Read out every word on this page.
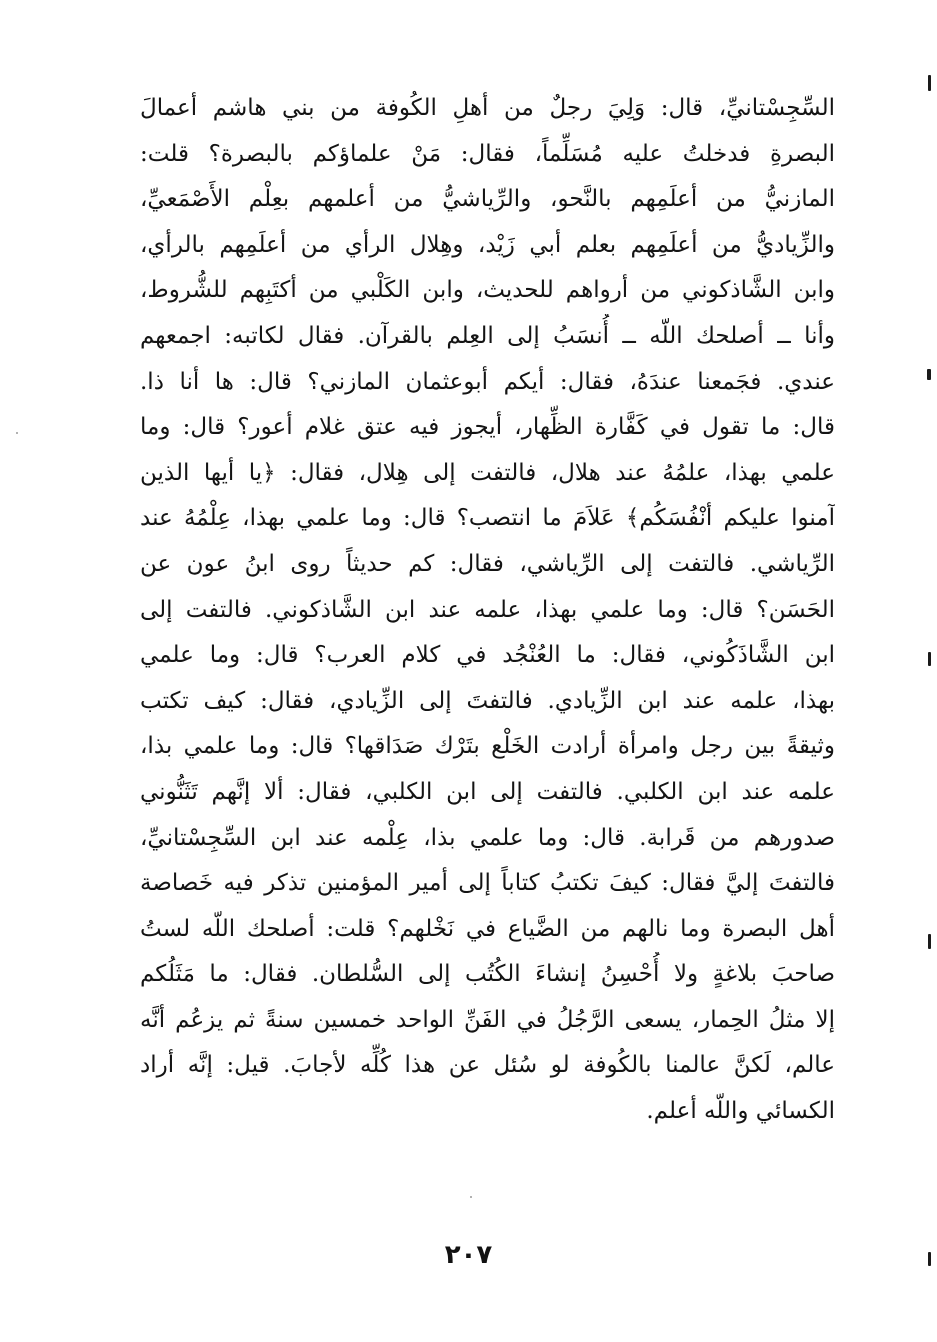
السِّجِسْتانيِّ، قال: وَلِيَ رجلٌ من أهلِ الكُوفة من بني هاشم أعمالَ
البصرةِ فدخلتُ عليه مُسَلِّماً، فقال: مَنْ علماؤكم بالبصرة؟ قلت:
المازنيُّ من أعلَمِهم بالنَّحو، والرِّياشيُّ من أعلمهم بعِلْم الأَصْمَعيِّ،
والزِّياديُّ من أعلَمِهم بعلم أبي زَيْد، وهِلال الرأي من أعلَمِهم بالرأي،
وابن الشَّاذكوني من أرواهم للحديث، وابن الكَلْبي من أكتَبِهم للشُّروط،
وأنا ــ أصلحك اللّه ــ أُنسَبُ إلى العِلم بالقرآن. فقال لكاتبه: اجمعهم
عندي. فجَمعنا عندَهُ، فقال: أيكم أبوعثمان المازني؟ قال: ها أنا ذا.
قال: ما تقول في كَفَّارة الظِّهار، أيجوز فيه عتق غلام أعور؟ قال: وما
علمي بهذا، علمُهُ عند هلال، فالتفت إلى هِلال، فقال: ﴿يا أيها الذين
آمنوا عليكم أنْفُسَكُم﴾ عَلاَمَ ما انتصب؟ قال: وما علمي بهذا، عِلْمُهُ عند
الرِّياشي. فالتفت إلى الرِّياشي، فقال: كم حديثاً روى ابنُ عون عن
الحَسَن؟ قال: وما علمي بهذا، علمه عند ابن الشَّاذكوني. فالتفت إلى
ابن الشَّاذَكُوني، فقال: ما العُنْجُد في كلام العرب؟ قال: وما علمي
بهذا، علمه عند ابن الزِّيادي. فالتفتَ إلى الزِّيادي، فقال: كيف تكتب
وثيقةً بين رجل وامرأة أرادت الخَلْع بتَرْك صَدَاقها؟ قال: وما علمي بذا،
علمه عند ابن الكلبي. فالتفت إلى ابن الكلبي، فقال: ألا إنَّهم تَثَنُّوني
صدورهم من قَرابة. قال: وما علمي بذا، عِلْمه عند ابن السِّجِسْتانيِّ،
فالتفتَ إليَّ فقال: كيفَ تكتبُ كتاباً إلى أمير المؤمنين تذكر فيه خَصاصة
أهل البصرة وما نالهم من الضَّياع في نَخْلهم؟ قلت: أصلحك اللّه لستُ
صاحبَ بلاغةٍ ولا أُحْسِنُ إنشاءَ الكُتُب إلى السُّلطان. فقال: ما مَثَلُكم
إلا مثلُ الحِمار، يسعى الرَّجُلُ في الفَنِّ الواحد خمسين سنةً ثم يزعُم أنَّه
عالم، لَكنَّ عالمنا بالكُوفة لو سُئل عن هذا كُلِّه لأجابَ. قيل: إنَّه أراد
الكسائي واللّه أعلم.
٢٠٧
